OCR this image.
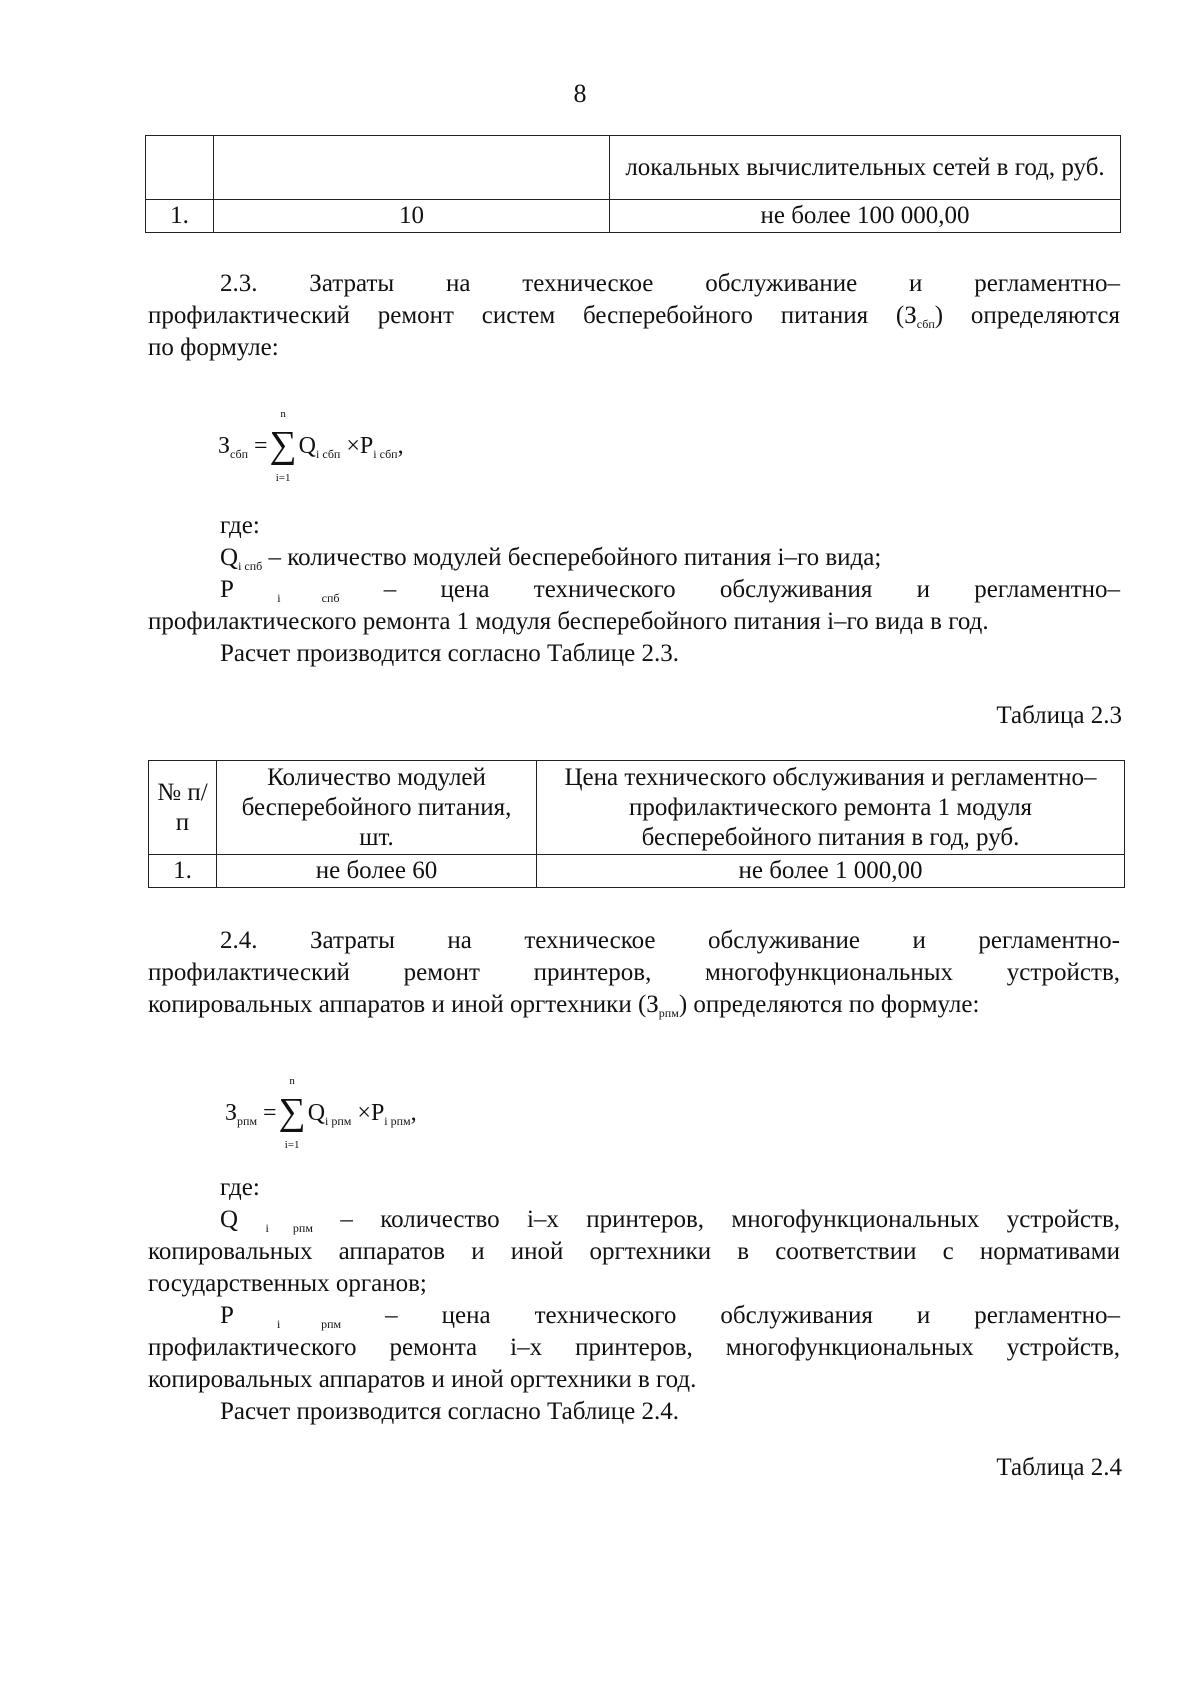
8
		локальных вычислительных сетей в год, руб.
1.	10	не более 100 000,00
2.3. Затраты на техническое обслуживание и регламентно–
профилактический ремонт систем бесперебойного питания $(З_{сбп})$ определяются
по формуле:
$З_{сбп}$ =∑
n
i=1
$Q_{i сбп} \times P_{i сбп}$,
где:
$Q_{i спб}$ – количество модулей бесперебойного питания i–го вида;
P	$_{i спб}$ – цена технического обслуживания и регламентно–
профилактического ремонта 1 модуля бесперебойного питания i–го вида в год.
Расчет производится согласно Таблице 2.3.
Таблица 2.3
№ п/п	Количество модулей бесперебойного питания, шт.	Цена технического обслуживания и регламентно–профилактического ремонта 1 модуля бесперебойного питания в год, руб.
1.	не более 60	не более 1 000,00
2.4. Затраты на техническое обслуживание и регламентно-
профилактический ремонт принтеров, многофункциональных устройств,
копировальных аппаратов и иной оргтехники $(З_{рпм})$ определяются по формуле:
$З_{рпм}$ =∑
n
i=1
$Q_{i рпм} \times P_{i рпм}$,
где:
Q $_{i рпм}$ – количество i–х принтеров, многофункциональных устройств,
копировальных аппаратов и иной оргтехники в соответствии с нормативами
государственных органов;
P	$_{i рпм}$ – цена технического обслуживания и регламентно–
профилактического ремонта i–х принтеров, многофункциональных устройств,
копировальных аппаратов и иной оргтехники в год.
Расчет производится согласно Таблице 2.4.
Таблица 2.4
